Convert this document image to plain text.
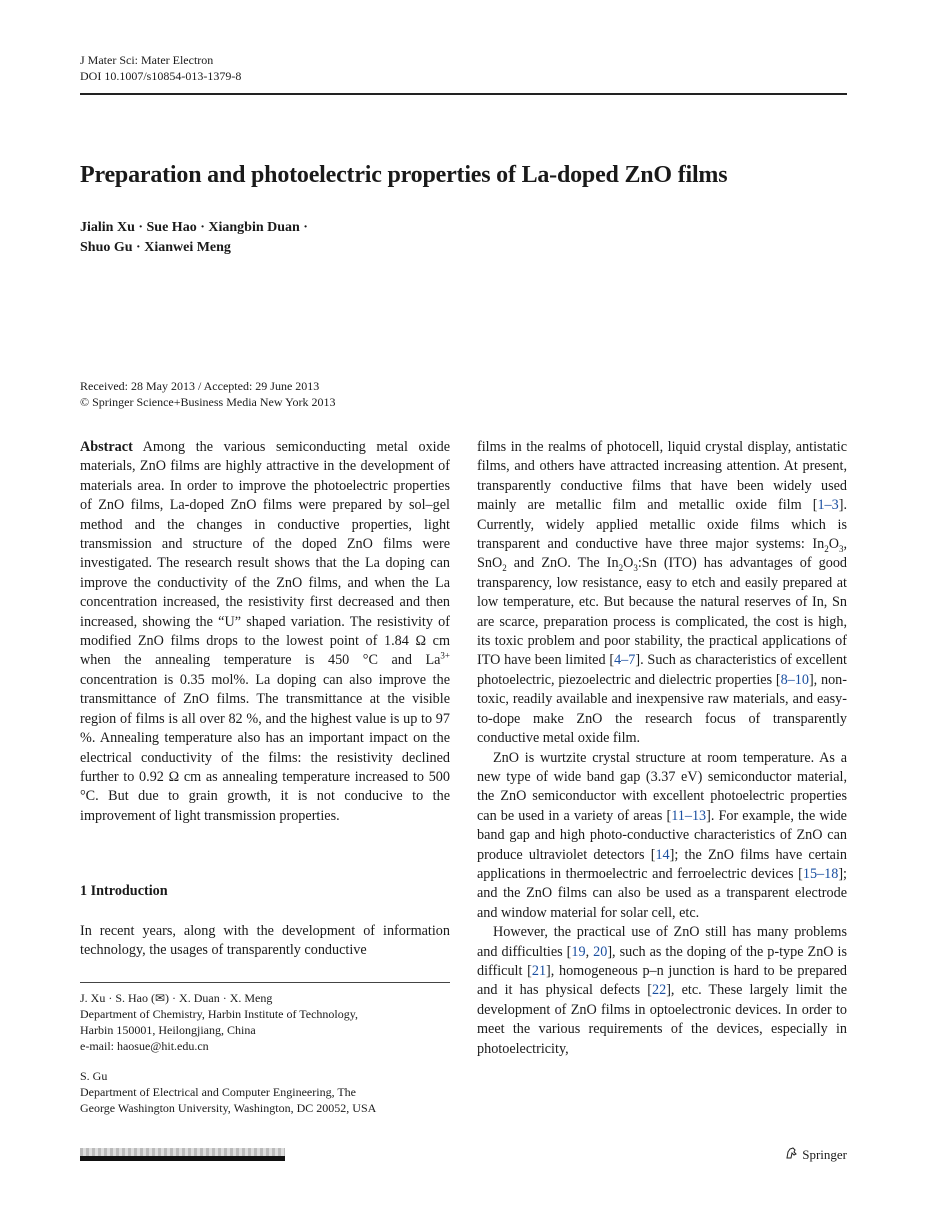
J Mater Sci: Mater Electron
DOI 10.1007/s10854-013-1379-8
Preparation and photoelectric properties of La-doped ZnO films
Jialin Xu · Sue Hao · Xiangbin Duan ·
Shuo Gu · Xianwei Meng
Received: 28 May 2013 / Accepted: 29 June 2013
© Springer Science+Business Media New York 2013

Abstract Among the various semiconducting metal oxide materials, ZnO films are highly attractive in the development of materials area. In order to improve the photoelectric properties of ZnO films, La-doped ZnO films were prepared by sol–gel method and the changes in conductive properties, light transmission and structure of the doped ZnO films were investigated. The research result shows that the La doping can improve the conductivity of the ZnO films, and when the La concentration increased, the resistivity first decreased and then increased, showing the “U” shaped variation. The resistivity of modified ZnO films drops to the lowest point of 1.84 Ω cm when the annealing temperature is 450 °C and $La^{3+}$ concentration is 0.35 mol%. La doping can also improve the transmittance of ZnO films. The transmittance at the visible region of films is all over 82 %, and the highest value is up to 97 %. Annealing temperature also has an important impact on the electrical conductivity of the films: the resistivity declined further to 0.92 Ω cm as annealing temperature increased to 500 °C. But due to grain growth, it is not conducive to the improvement of light transmission properties.

1 Introduction
In recent years, along with the development of information technology, the usages of transparently conductive
J. Xu · S. Hao (✉) · X. Duan · X. Meng
Department of Chemistry, Harbin Institute of Technology,
Harbin 150001, Heilongjiang, China
e-mail: haosue@hit.edu.cn
S. Gu
Department of Electrical and Computer Engineering, The
George Washington University, Washington, DC 20052, USA

films in the realms of photocell, liquid crystal display, antistatic films, and others have attracted increasing attention. At present, transparently conductive films that have been widely used mainly are metallic film and metallic oxide film [1–3]. Currently, widely applied metallic oxide films which is transparent and conductive have three major systems: $In_2O_3$, SnO$_2$ and ZnO. The $In_2O_3:Sn$ (ITO) has advantages of good transparency, low resistance, easy to etch and easily prepared at low temperature, etc. But because the natural reserves of In, Sn are scarce, preparation process is complicated, the cost is high, its toxic problem and poor stability, the practical applications of ITO have been limited [4–7]. Such as characteristics of excellent photoelectric, piezoelectric and dielectric properties [8–10], non-toxic, readily available and inexpensive raw materials, and easy-to-dope make ZnO the research focus of transparently conductive metal oxide film.

ZnO is wurtzite crystal structure at room temperature. As a new type of wide band gap (3.37 eV) semiconductor material, the ZnO semiconductor with excellent photoelectric properties can be used in a variety of areas [11–13]. For example, the wide band gap and high photo-conductive characteristics of ZnO can produce ultraviolet detectors [14]; the ZnO films have certain applications in thermoelectric and ferroelectric devices [15–18]; and the ZnO films can also be used as a transparent electrode and window material for solar cell, etc.

However, the practical use of ZnO still has many problems and difficulties [19, 20], such as the doping of the p-type ZnO is difficult [21], homogeneous p–n junction is hard to be prepared and it has physical defects [22], etc. These largely limit the development of ZnO films in optoelectronic devices. In order to meet the various requirements of the devices, especially in photoelectricity,

Springer
